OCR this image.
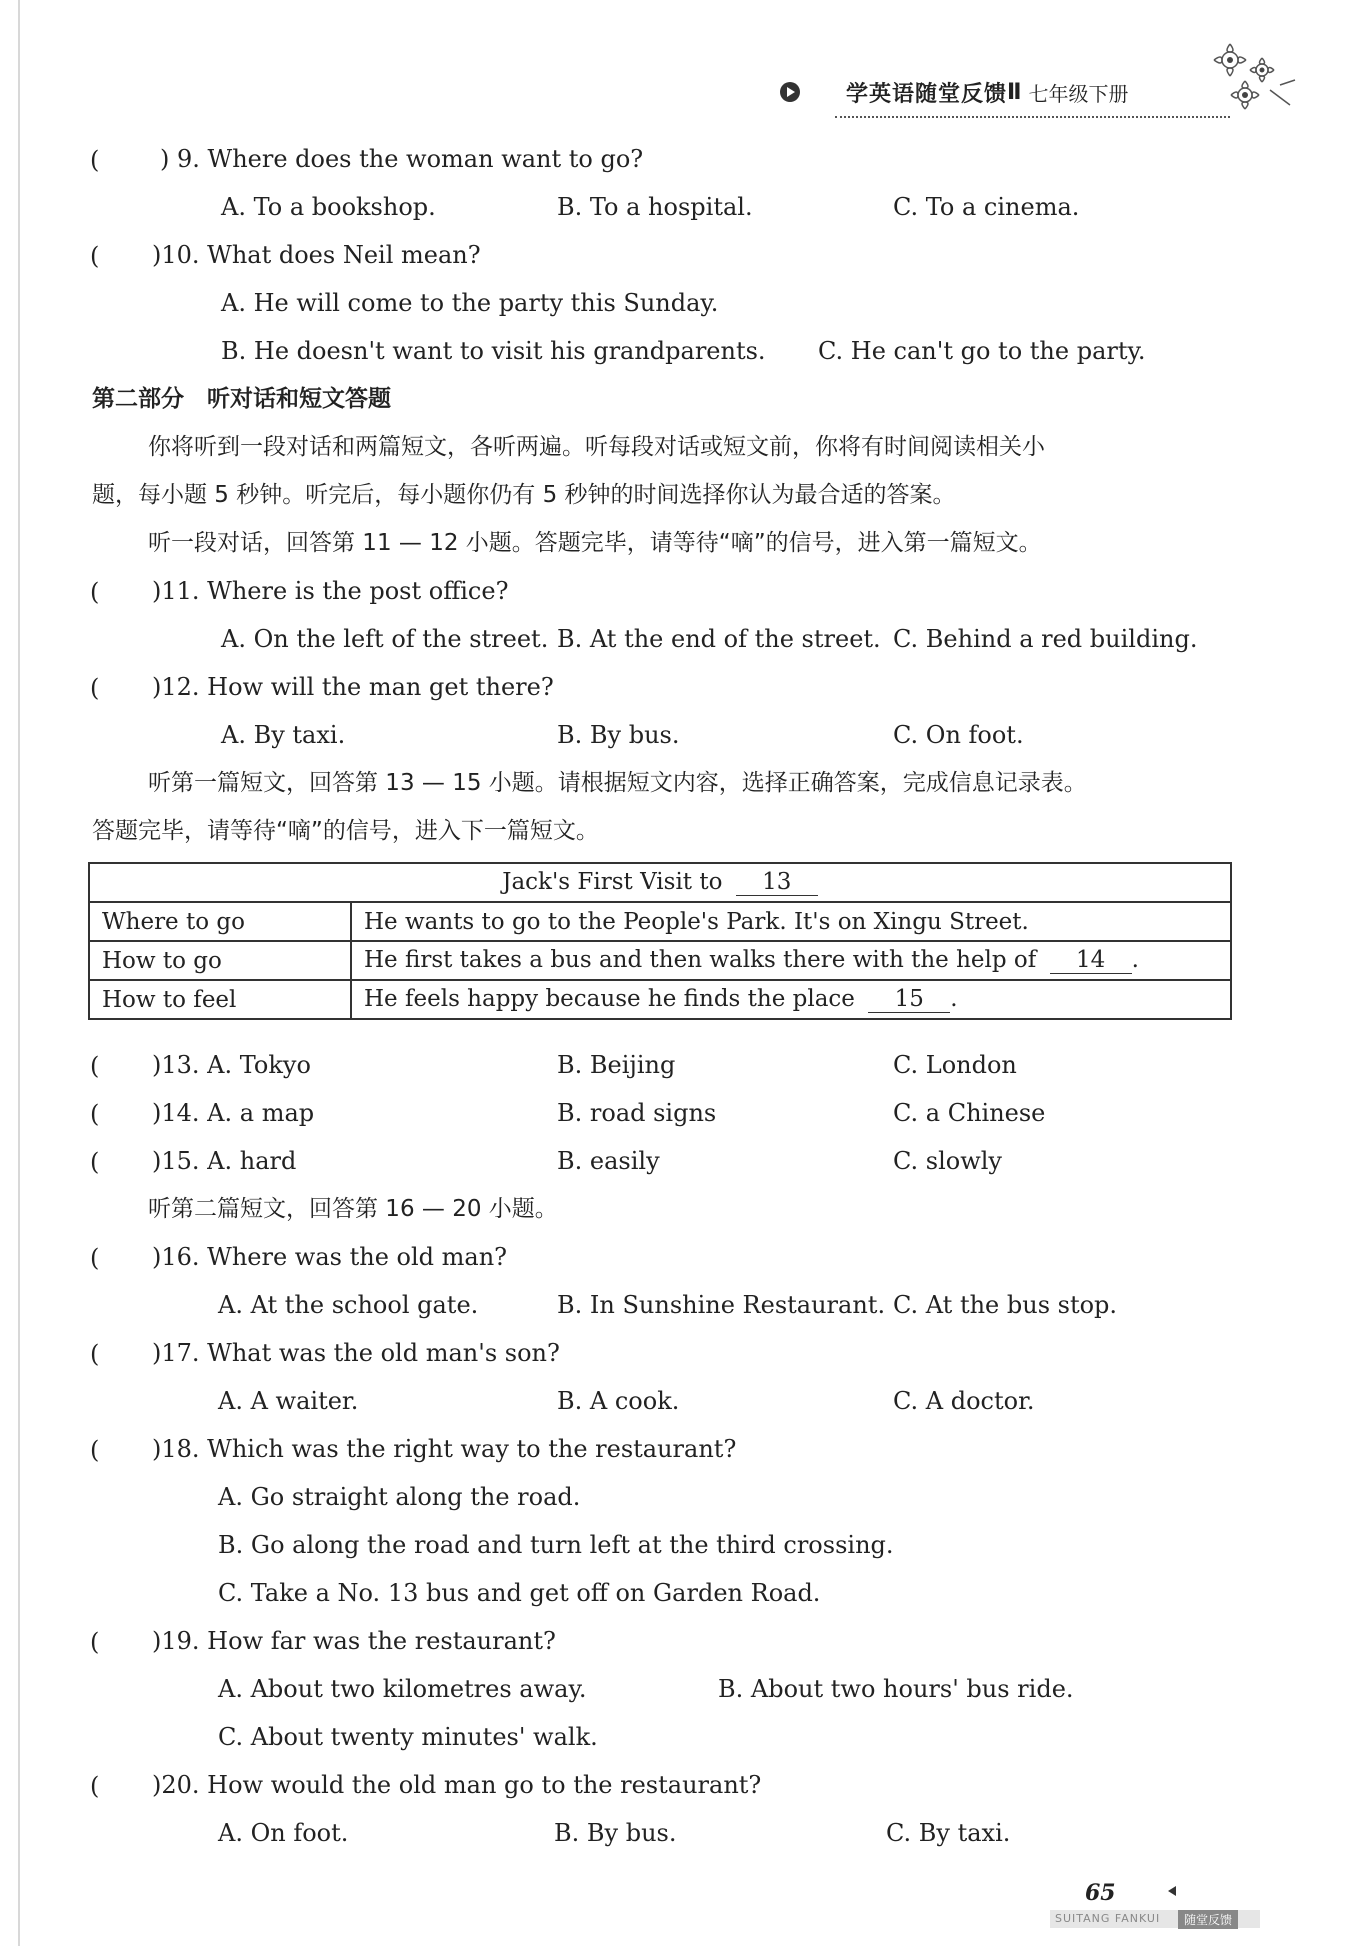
学英语随堂反馈 Ⅱ 七年级下册
(	) 9. Where does the woman want to go?
A. To a bookshop.	B. To a hospital.	C. To a cinema.
( )10. What does Neil mean?
A. He will come to the party this Sunday.
B. He doesn't want to visit his grandparents. C. He can't go to the party.
第二部分　听对话和短文答题
你将听到一段对话和两篇短文，各听两遍。听每段对话或短文前，你将有时间阅读相关小
题，每小题 5 秒钟。听完后，每小题你仍有 5 秒钟的时间选择你认为最合适的答案。
听一段对话，回答第 11 — 12 小题。答题完毕，请等待“嘀”的信号，进入第一篇短文。
( )11. Where is the post office?
A. On the left of the street. B. At the end of the street. C. Behind a red building.
( )12. How will the man get there?
A. By taxi.	B. By bus.	C. On foot.
听第一篇短文，回答第 13 — 15 小题。请根据短文内容，选择正确答案，完成信息记录表。
答题完毕，请等待“嘀”的信号，进入下一篇短文。
Jack's First Visit to 13	
Where to go	He wants to go to the People's Park. It's on Xingu Street.
How to go	He first takes a bus and then walks there with the help of 14 .
How to feel	He feels happy because he finds the place 15 .
( )13. A. Tokyo	B. Beijing	C. London
( )14. A. a map	B. road signs	C. a Chinese
( )15. A. hard	B. easily	C. slowly
听第二篇短文，回答第 16 — 20 小题。
( )16. Where was the old man?
A. At the school gate.	B. In Sunshine Restaurant. C. At the bus stop.
( )17. What was the old man's son?
A. A waiter.	B. A cook.	C. A doctor.
( )18. Which was the right way to the restaurant?
A. Go straight along the road.
B. Go along the road and turn left at the third crossing.
C. Take a No. 13 bus and get off on Garden Road.
( )19. How far was the restaurant?
A. About two kilometres away.	B. About two hours' bus ride.
C. About twenty minutes' walk.
( )20. How would the old man go to the restaurant?
A. On foot.	B. By bus.	C. By taxi.
65
SUITANG FANKUI	随堂反馈
